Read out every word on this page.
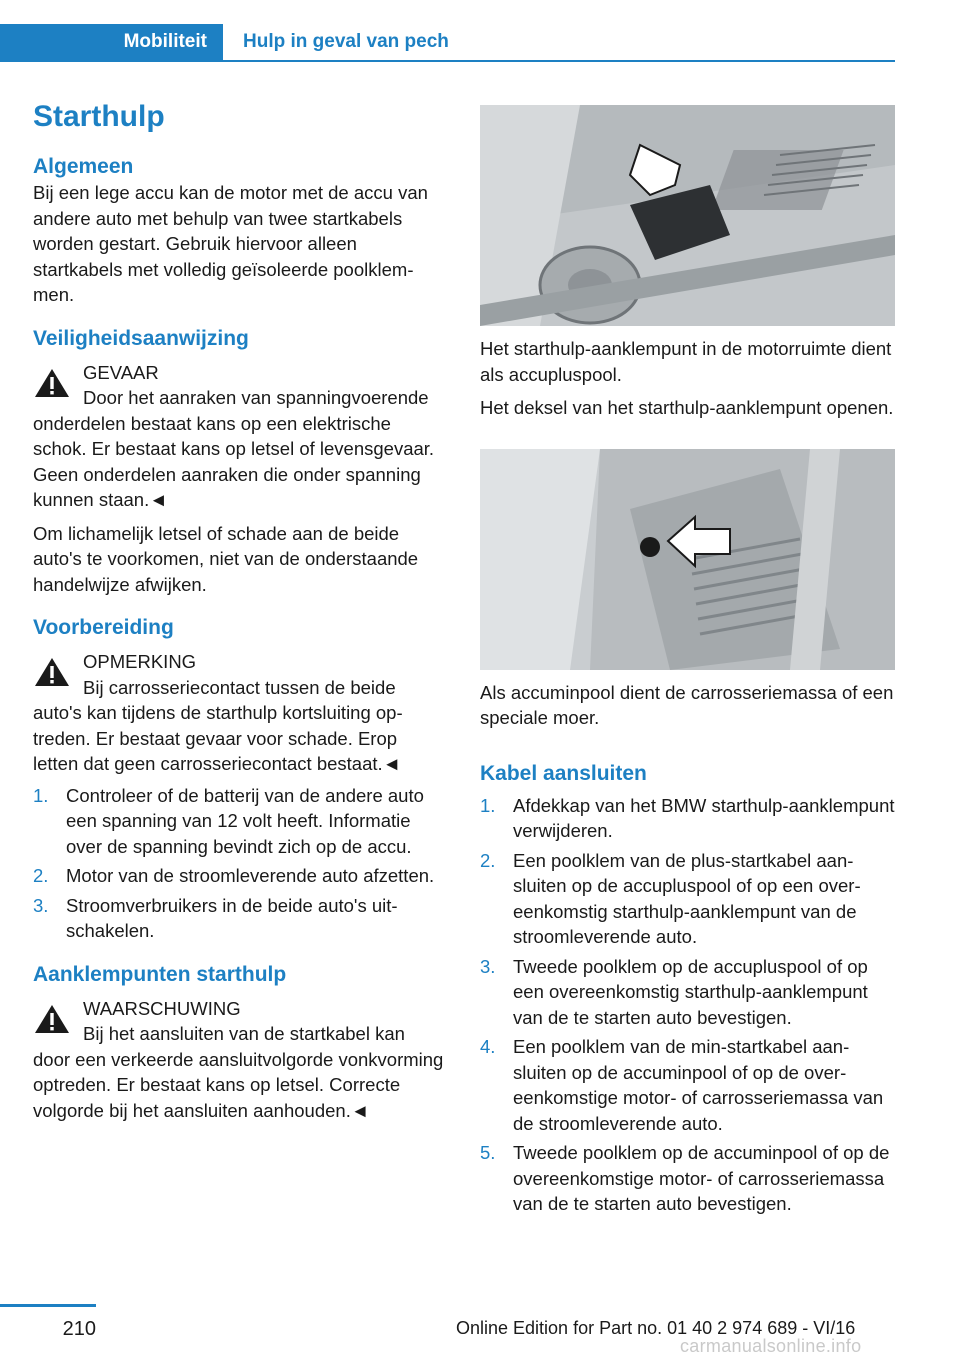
Mobiliteit	Hulp in geval van pech
Starthulp
Algemeen

Bij een lege accu kan de motor met de accu van andere auto met behulp van twee startkabels worden gestart. Gebruik hiervoor alleen startkabels met volledig geïsoleerde poolklemmen.

Veiligheidsaanwijzing
GEVAAR
Door het aanraken van spanningvoerende onderdelen bestaat kans op een elektrische schok. Er bestaat kans op letsel of levensgevaar. Geen onderdelen aanraken die onder spanning kunnen staan.◄

Om lichamelijk letsel of schade aan de beide auto's te voorkomen, niet van de onderstaande handelwijze afwijken.

Voorbereiding
OPMERKING
Bij carrosseriecontact tussen de beide auto's kan tijdens de starthulp kortsluiting optreden. Er bestaat gevaar voor schade. Erop letten dat geen carrosseriecontact bestaat.◄
1. Controleer of de batterij van de andere auto een spanning van 12 volt heeft. Informatie over de spanning bevindt zich op de accu.
2. Motor van de stroomleverende auto afzetten.
3. Stroomverbruikers in de beide auto's uitschakelen.
Aanklempunten starthulp
WAARSCHUWING
Bij het aansluiten van de startkabel kan door een verkeerde aansluitvolgorde vonkvorming optreden. Er bestaat kans op letsel. Correcte volgorde bij het aansluiten aanhouden.◄

Het starthulp-aanklempunt in de motorruimte dient als accupluspool.

Het deksel van het starthulp-aanklempunt openen.

Als accuminpool dient de carrosseriemassa of een speciale moer.

Kabel aansluiten
1. Afdekkap van het BMW starthulp-aanklempunt verwijderen.
2. Een poolklem van de plus-startkabel aansluiten op de accupluspool of op een overeenkomstig starthulp-aanklempunt van de stroomleverende auto.
3. Tweede poolklem op de accupluspool of op een overeenkomstig starthulp-aanklempunt van de te starten auto bevestigen.
4. Een poolklem van de min-startkabel aansluiten op de accuminpool of op de overeenkomstige motor- of carrosseriemassa van de stroomleverende auto.
5. Tweede poolklem op de accuminpool of op de overeenkomstige motor- of carrosseriemassa van de te starten auto bevestigen.
210	Online Edition for Part no. 01 40 2 974 689 - VI/16
carmanualsonline.info
